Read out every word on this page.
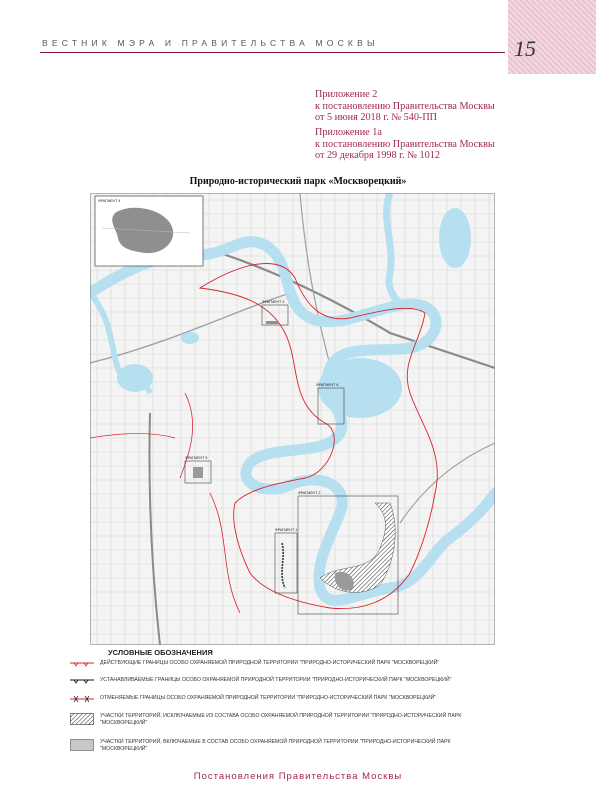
15
ВЕСТНИК МЭРА И ПРАВИТЕЛЬСТВА МОСКВЫ
Приложение 2
к постановлению Правительства Москвы
от 5 июня 2018 г. № 540-ПП
Приложение 1а
к постановлению Правительства Москвы
от 29 декабря 1998 г. № 1012
Природно-исторический парк «Москворецкий»
ФРАГМЕНТ 4
ФРАГМЕНТ 3
ФРАГМЕНТ 6
ФРАГМЕНТ 5
ФРАГМЕНТ 2
ФРАГМЕНТ 1
УСЛОВНЫЕ ОБОЗНАЧЕНИЯ
ДЕЙСТВУЮЩИЕ ГРАНИЦЫ ОСОБО ОХРАНЯЕМОЙ ПРИРОДНОЙ ТЕРРИТОРИИ "ПРИРОДНО-ИСТОРИЧЕСКИЙ ПАРК "МОСКВОРЕЦКИЙ"
УСТАНАВЛИВАЕМЫЕ ГРАНИЦЫ ОСОБО ОХРАНЯЕМОЙ ПРИРОДНОЙ ТЕРРИТОРИИ "ПРИРОДНО-ИСТОРИЧЕСКИЙ ПАРК "МОСКВОРЕЦКИЙ"
ОТМЕНЯЕМЫЕ ГРАНИЦЫ ОСОБО ОХРАНЯЕМОЙ ПРИРОДНОЙ ТЕРРИТОРИИ "ПРИРОДНО-ИСТОРИЧЕСКИЙ ПАРК "МОСКВОРЕЦКИЙ"
УЧАСТКИ ТЕРРИТОРИЙ, ИСКЛЮЧАЕМЫЕ ИЗ СОСТАВА ОСОБО ОХРАНЯЕМОЙ ПРИРОДНОЙ ТЕРРИТОРИИ "ПРИРОДНО-ИСТОРИЧЕСКИЙ ПАРК "МОСКВОРЕЦКИЙ"
УЧАСТКИ ТЕРРИТОРИЙ, ВКЛЮЧАЕМЫЕ В СОСТАВ ОСОБО ОХРАНЯЕМОЙ ПРИРОДНОЙ ТЕРРИТОРИИ "ПРИРОДНО-ИСТОРИЧЕСКИЙ ПАРК "МОСКВОРЕЦКИЙ"
Постановления Правительства Москвы
